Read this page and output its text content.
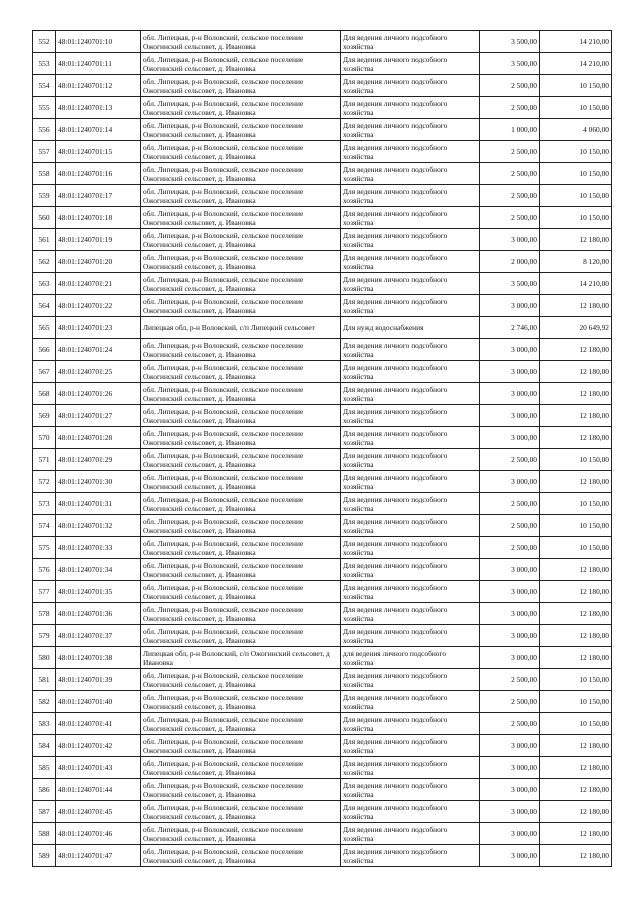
552	48:01:1240701:10	обл. Липецкая, р-н Воловский, сельское поселение Ожогинский сельсовет, д. Ивановка	Для ведения личного подсобного хозяйства	3 500,00	14 210,00
553	48:01:1240701:11	обл. Липецкая, р-н Воловский, сельское поселение Ожогинский сельсовет, д. Ивановка	Для ведения личного подсобного хозяйства	3 500,00	14 210,00
554	48:01:1240701:12	обл. Липецкая, р-н Воловский, сельское поселение Ожогинский сельсовет, д. Ивановка	Для ведения личного подсобного хозяйства	2 500,00	10 150,00
555	48:01:1240701:13	обл. Липецкая, р-н Воловский, сельское поселение Ожогинский сельсовет, д. Ивановка	Для ведения личного подсобного хозяйства	2 500,00	10 150,00
556	48:01:1240701:14	обл. Липецкая, р-н Воловский, сельское поселение Ожогинский сельсовет, д. Ивановка	Для ведения личного подсобного хозяйства	1 000,00	4 060,00
557	48:01:1240701:15	обл. Липецкая, р-н Воловский, сельское поселение Ожогинский сельсовет, д. Ивановка	Для ведения личного подсобного хозяйства	2 500,00	10 150,00
558	48:01:1240701:16	обл. Липецкая, р-н Воловский, сельское поселение Ожогинский сельсовет, д. Ивановка	Для ведения личного подсобного хозяйства	2 500,00	10 150,00
559	48:01:1240701:17	обл. Липецкая, р-н Воловский, сельское поселение Ожогинский сельсовет, д. Ивановка	Для ведения личного подсобного хозяйства	2 500,00	10 150,00
560	48:01:1240701:18	обл. Липецкая, р-н Воловский, сельское поселение Ожогинский сельсовет, д. Ивановка	Для ведения личного подсобного хозяйства	2 500,00	10 150,00
561	48:01:1240701:19	обл. Липецкая, р-н Воловский, сельское поселение Ожогинский сельсовет, д. Ивановка	Для ведения личного подсобного хозяйства	3 000,00	12 180,00
562	48:01:1240701:20	обл. Липецкая, р-н Воловский, сельское поселение Ожогинский сельсовет, д. Ивановка	Для ведения личного подсобного хозяйства	2 000,00	8 120,00
563	48:01:1240701:21	обл. Липецкая, р-н Воловский, сельское поселение Ожогинский сельсовет, д. Ивановка	Для ведения личного подсобного хозяйства	3 500,00	14 210,00
564	48:01:1240701:22	обл. Липецкая, р-н Воловский, сельское поселение Ожогинский сельсовет, д. Ивановка	Для ведения личного подсобного хозяйства	3 000,00	12 180,00
565	48:01:1240701:23	Липецкая обл, р-н Воловский, с/п Липецкий сельсовет	Для нужд водоснабжения	2 746,00	20 649,92
566	48:01:1240701:24	обл. Липецкая, р-н Воловский, сельское поселение Ожогинский сельсовет, д. Ивановка	Для ведения личного подсобного хозяйства	3 000,00	12 180,00
567	48:01:1240701:25	обл. Липецкая, р-н Воловский, сельское поселение Ожогинский сельсовет, д. Ивановка	Для ведения личного подсобного хозяйства	3 000,00	12 180,00
568	48:01:1240701:26	обл. Липецкая, р-н Воловский, сельское поселение Ожогинский сельсовет, д. Ивановка	Для ведения личного подсобного хозяйства	3 000,00	12 180,00
569	48:01:1240701:27	обл. Липецкая, р-н Воловский, сельское поселение Ожогинский сельсовет, д. Ивановка	Для ведения личного подсобного хозяйства	3 000,00	12 180,00
570	48:01:1240701:28	обл. Липецкая, р-н Воловский, сельское поселение Ожогинский сельсовет, д. Ивановка	Для ведения личного подсобного хозяйства	3 000,00	12 180,00
571	48:01:1240701:29	обл. Липецкая, р-н Воловский, сельское поселение Ожогинский сельсовет, д. Ивановка	Для ведения личного подсобного хозяйства	2 500,00	10 150,00
572	48:01:1240701:30	обл. Липецкая, р-н Воловский, сельское поселение Ожогинский сельсовет, д. Ивановка	Для ведения личного подсобного хозяйства	3 000,00	12 180,00
573	48:01:1240701:31	обл. Липецкая, р-н Воловский, сельское поселение Ожогинский сельсовет, д. Ивановка	Для ведения личного подсобного хозяйства	2 500,00	10 150,00
574	48:01:1240701:32	обл. Липецкая, р-н Воловский, сельское поселение Ожогинский сельсовет, д. Ивановка	Для ведения личного подсобного хозяйства	2 500,00	10 150,00
575	48:01:1240701:33	обл. Липецкая, р-н Воловский, сельское поселение Ожогинский сельсовет, д. Ивановка	Для ведения личного подсобного хозяйства	2 500,00	10 150,00
576	48:01:1240701:34	обл. Липецкая, р-н Воловский, сельское поселение Ожогинский сельсовет, д. Ивановка	Для ведения личного подсобного хозяйства	3 000,00	12 180,00
577	48:01:1240701:35	обл. Липецкая, р-н Воловский, сельское поселение Ожогинский сельсовет, д. Ивановка	Для ведения личного подсобного хозяйства	3 000,00	12 180,00
578	48:01:1240701:36	обл. Липецкая, р-н Воловский, сельское поселение Ожогинский сельсовет, д. Ивановка	Для ведения личного подсобного хозяйства	3 000,00	12 180,00
579	48:01:1240701:37	обл. Липецкая, р-н Воловский, сельское поселение Ожогинский сельсовет, д. Ивановка	Для ведения личного подсобного хозяйства	3 000,00	12 180,00
580	48:01:1240701:38	Липецкая обл, р-н Воловский, с/п Ожогинский сельсовет, д Ивановка	для ведения личного подсобного хозяйства	3 000,00	12 180,00
581	48:01:1240701:39	обл. Липецкая, р-н Воловский, сельское поселение Ожогинский сельсовет, д. Ивановка	Для ведения личного подсобного хозяйства	2 500,00	10 150,00
582	48:01:1240701:40	обл. Липецкая, р-н Воловский, сельское поселение Ожогинский сельсовет, д. Ивановка	Для ведения личного подсобного хозяйства	2 500,00	10 150,00
583	48:01:1240701:41	обл. Липецкая, р-н Воловский, сельское поселение Ожогинский сельсовет, д. Ивановка	Для ведения личного подсобного хозяйства	2 500,00	10 150,00
584	48:01:1240701:42	обл. Липецкая, р-н Воловский, сельское поселение Ожогинский сельсовет, д. Ивановка	Для ведения личного подсобного хозяйства	3 000,00	12 180,00
585	48:01:1240701:43	обл. Липецкая, р-н Воловский, сельское поселение Ожогинский сельсовет, д. Ивановка	Для ведения личного подсобного хозяйства	3 000,00	12 180,00
586	48:01:1240701:44	обл. Липецкая, р-н Воловский, сельское поселение Ожогинский сельсовет, д. Ивановка	Для ведения личного подсобного хозяйства	3 000,00	12 180,00
587	48:01:1240701:45	обл. Липецкая, р-н Воловский, сельское поселение Ожогинский сельсовет, д. Ивановка	Для ведения личного подсобного хозяйства	3 000,00	12 180,00
588	48:01:1240701:46	обл. Липецкая, р-н Воловский, сельское поселение Ожогинский сельсовет, д. Ивановка	Для ведения личного подсобного хозяйства	3 000,00	12 180,00
589	48:01:1240701:47	обл. Липецкая, р-н Воловский, сельское поселение Ожогинский сельсовет, д. Ивановка	Для ведения личного подсобного хозяйства	3 000,00	12 180,00
